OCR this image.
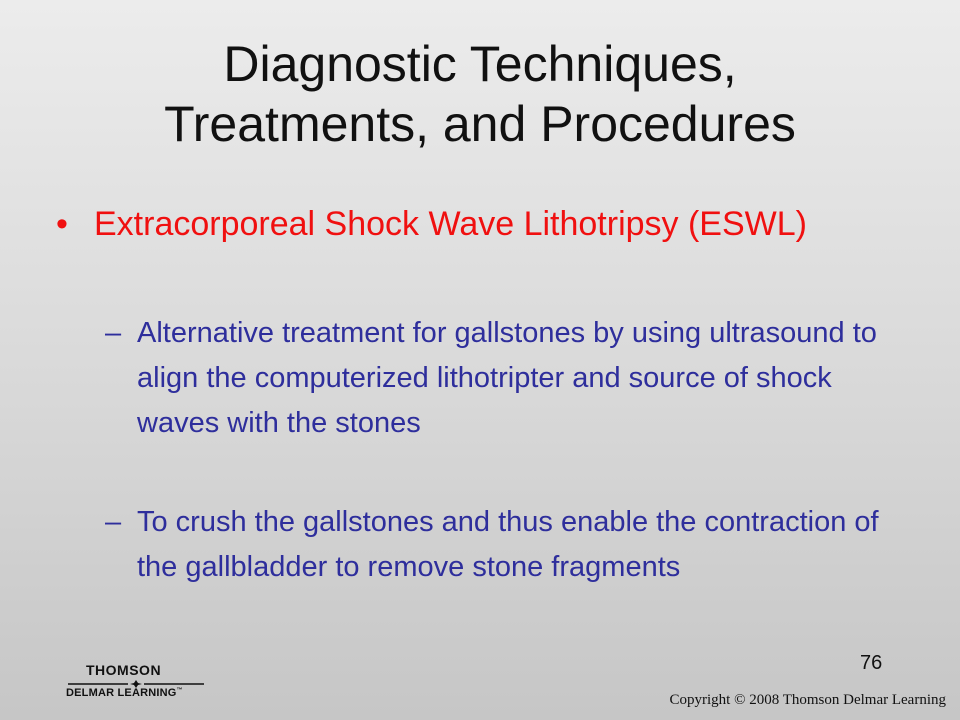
Diagnostic Techniques,
Treatments, and Procedures
• Extracorporeal Shock Wave Lithotripsy (ESWL)
– Alternative treatment for gallstones by using ultrasound to align the computerized lithotripter and source of shock waves with the stones
– To crush the gallstones and thus enable the contraction of the gallbladder to remove stone fragments
76
THOMSON
DELMAR LEARNING™
Copyright © 2008 Thomson Delmar Learning
